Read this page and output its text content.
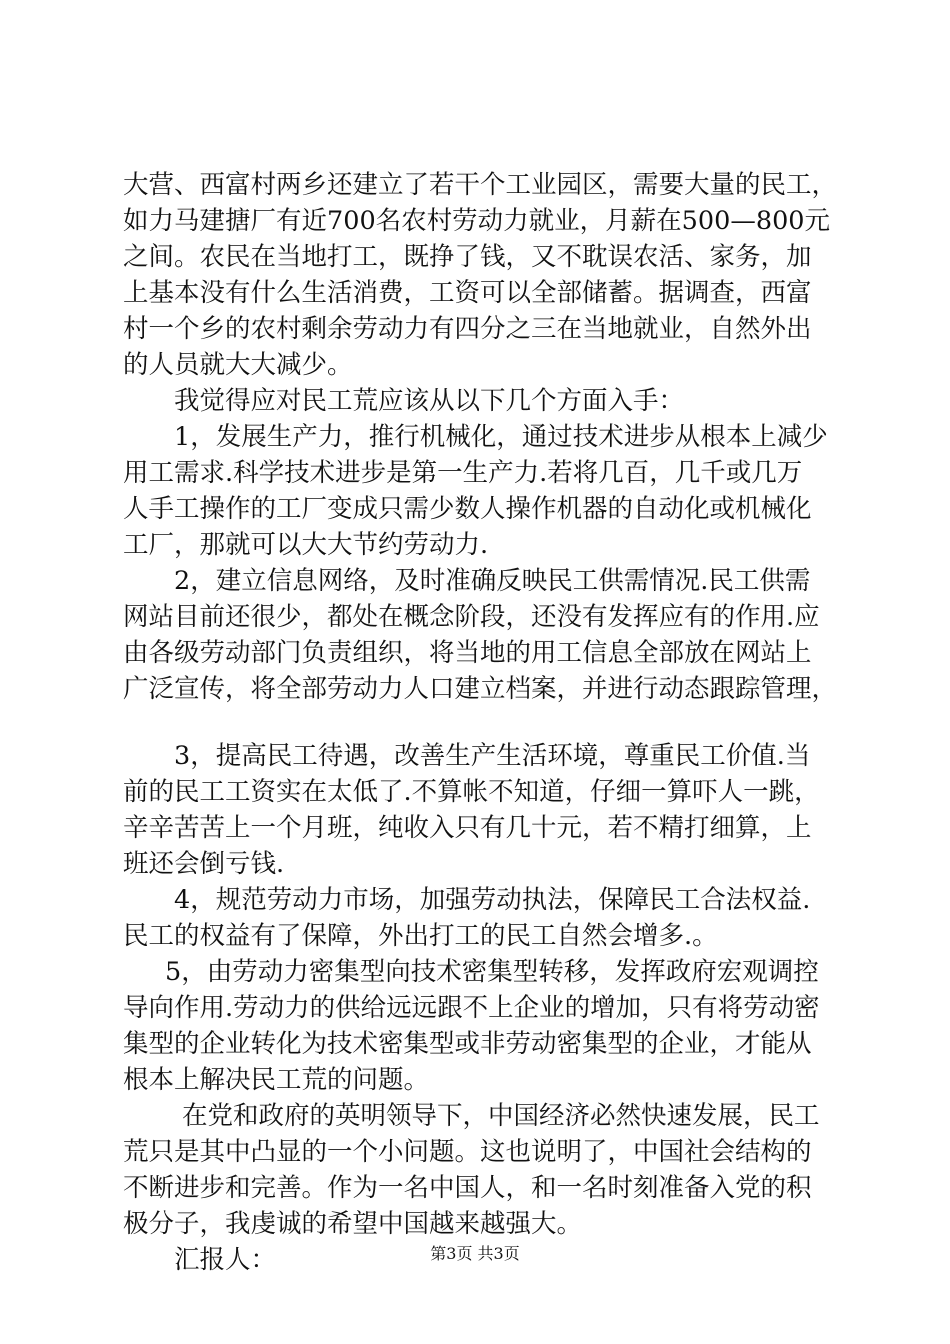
大营、西富村两乡还建立了若干个工业园区，需要大量的民工，
如力马建搪厂有近700名农村劳动力就业，月薪在500—800元
之间。农民在当地打工，既挣了钱，又不耽误农活、家务，加
上基本没有什么生活消费，工资可以全部储蓄。据调查，西富
村一个乡的农村剩余劳动力有四分之三在当地就业，自然外出
的人员就大大减少。
我觉得应对民工荒应该从以下几个方面入手：
1，发展生产力，推行机械化，通过技术进步从根本上减少
用工需求.科学技术进步是第一生产力.若将几百，几千或几万
人手工操作的工厂变成只需少数人操作机器的自动化或机械化
工厂，那就可以大大节约劳动力.
2，建立信息网络，及时准确反映民工供需情况.民工供需
网站目前还很少，都处在概念阶段，还没有发挥应有的作用.应
由各级劳动部门负责组织，将当地的用工信息全部放在网站上
广泛宣传，将全部劳动力人口建立档案，并进行动态跟踪管理，
3，提高民工待遇，改善生产生活环境，尊重民工价值.当
前的民工工资实在太低了.不算帐不知道，仔细一算吓人一跳，
辛辛苦苦上一个月班，纯收入只有几十元，若不精打细算，上
班还会倒亏钱.
4，规范劳动力市场，加强劳动执法，保障民工合法权益.
民工的权益有了保障，外出打工的民工自然会增多.。
5，由劳动力密集型向技术密集型转移，发挥政府宏观调控
导向作用.劳动力的供给远远跟不上企业的增加，只有将劳动密
集型的企业转化为技术密集型或非劳动密集型的企业，才能从
根本上解决民工荒的问题。
在党和政府的英明领导下，中国经济必然快速发展，民工
荒只是其中凸显的一个小问题。这也说明了，中国社会结构的
不断进步和完善。作为一名中国人，和一名时刻准备入党的积
极分子，我虔诚的希望中国越来越强大。
汇报人：	第3页 共3页
